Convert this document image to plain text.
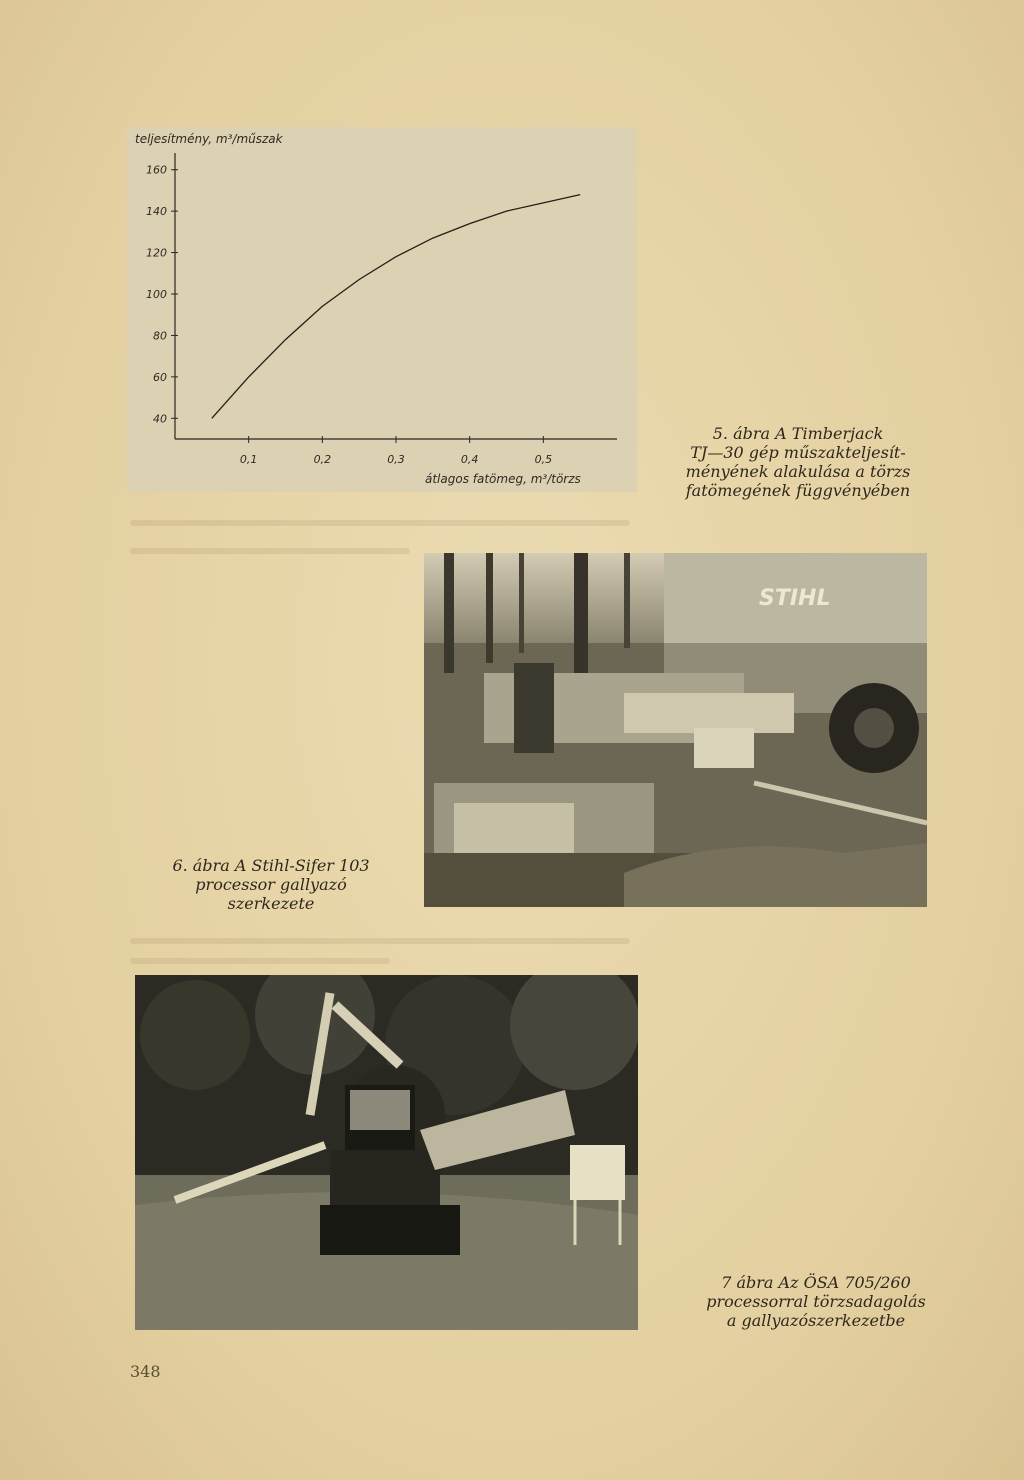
teljesítmény, m³/műszak
átlagos fatömeg, m³/törzs
160
140
120
100
80
60
40
0,1	0,2	0,3	0,4	0,5
5. ábra A Timberjack
TJ—30 gép műszakteljesít-
ményének alakulása a törzs
fatömegének függvényében
STIHL
6. ábra A Stihl-Sifer 103
processor gallyazó
szerkezete
7 ábra Az ÖSA 705/260
processorral törzsadagolás
a gallyazószerkezetbe
348
